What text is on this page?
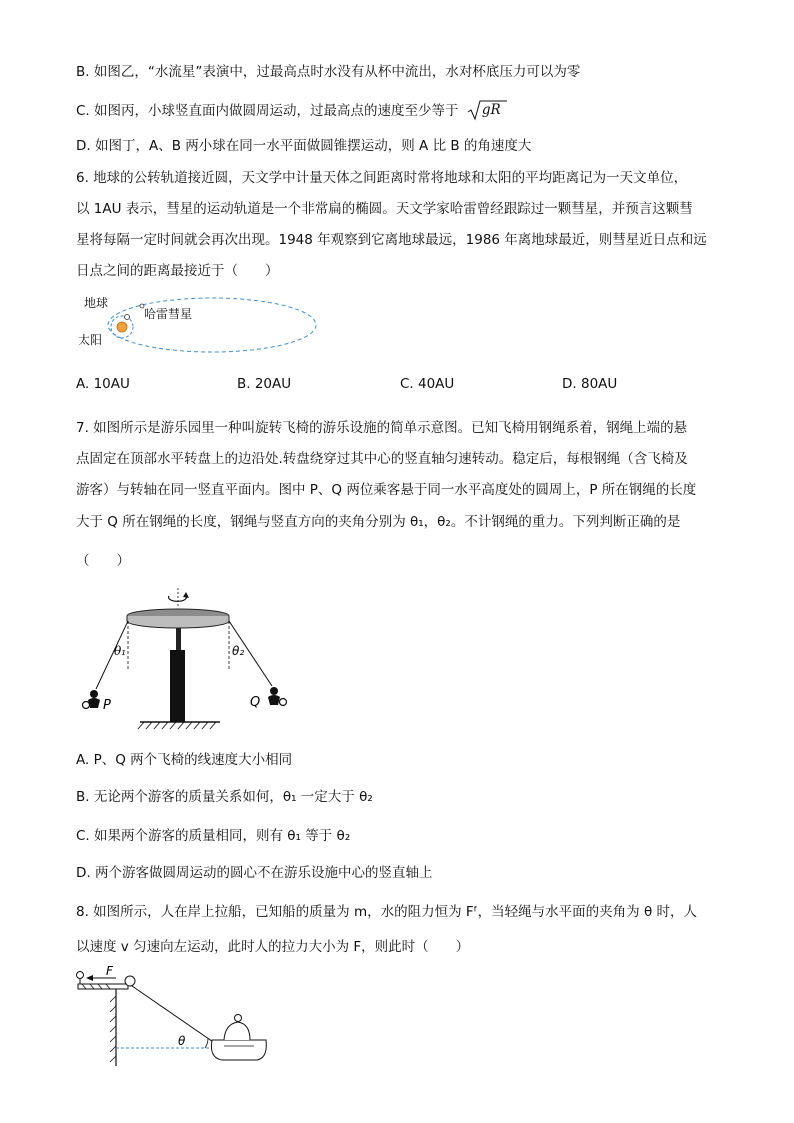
B. 如图乙，“水流星”表演中，过最高点时水没有从杯中流出，水对杯底压力可以为零
C. 如图丙，小球竖直面内做圆周运动，过最高点的速度至少等于 gR
D. 如图丁，A、B 两小球在同一水平面做圆锥摆运动，则 A 比 B 的角速度大
6. 地球的公转轨道接近圆，天文学中计量天体之间距离时常将地球和太阳的平均距离记为一天文单位，
以 1AU 表示，彗星的运动轨道是一个非常扁的椭圆。天文学家哈雷曾经跟踪过一颗彗星，并预言这颗彗
星将每隔一定时间就会再次出现。1948 年观察到它离地球最远，1986 年离地球最近，则彗星近日点和远
日点之间的距离最接近于（　　）
地球
哈雷彗星
太阳
A. 10AU	B. 20AU	C. 40AU	D. 80AU
7. 如图所示是游乐园里一种叫旋转飞椅的游乐设施的简单示意图。已知飞椅用钢绳系着，钢绳上端的悬
点固定在顶部水平转盘上的边沿处.转盘绕穿过其中心的竖直轴匀速转动。稳定后，每根钢绳（含飞椅及
游客）与转轴在同一竖直平面内。图中 P、Q 两位乘客悬于同一水平高度处的圆周上，P 所在钢绳的长度
大于 Q 所在钢绳的长度，钢绳与竖直方向的夹角分别为 θ₁，θ₂。不计钢绳的重力。下列判断正确的是
（　　）
θ₁	θ₂
P	Q
A. P、Q 两个飞椅的线速度大小相同
B. 无论两个游客的质量关系如何，θ₁ 一定大于 θ₂
C. 如果两个游客的质量相同，则有 θ₁ 等于 θ₂
D. 两个游客做圆周运动的圆心不在游乐设施中心的竖直轴上
8. 如图所示，人在岸上拉船，已知船的质量为 m，水的阻力恒为 Fᶠ，当轻绳与水平面的夹角为 θ 时，人
以速度 v 匀速向左运动，此时人的拉力大小为 F，则此时（　　）
F
θ
